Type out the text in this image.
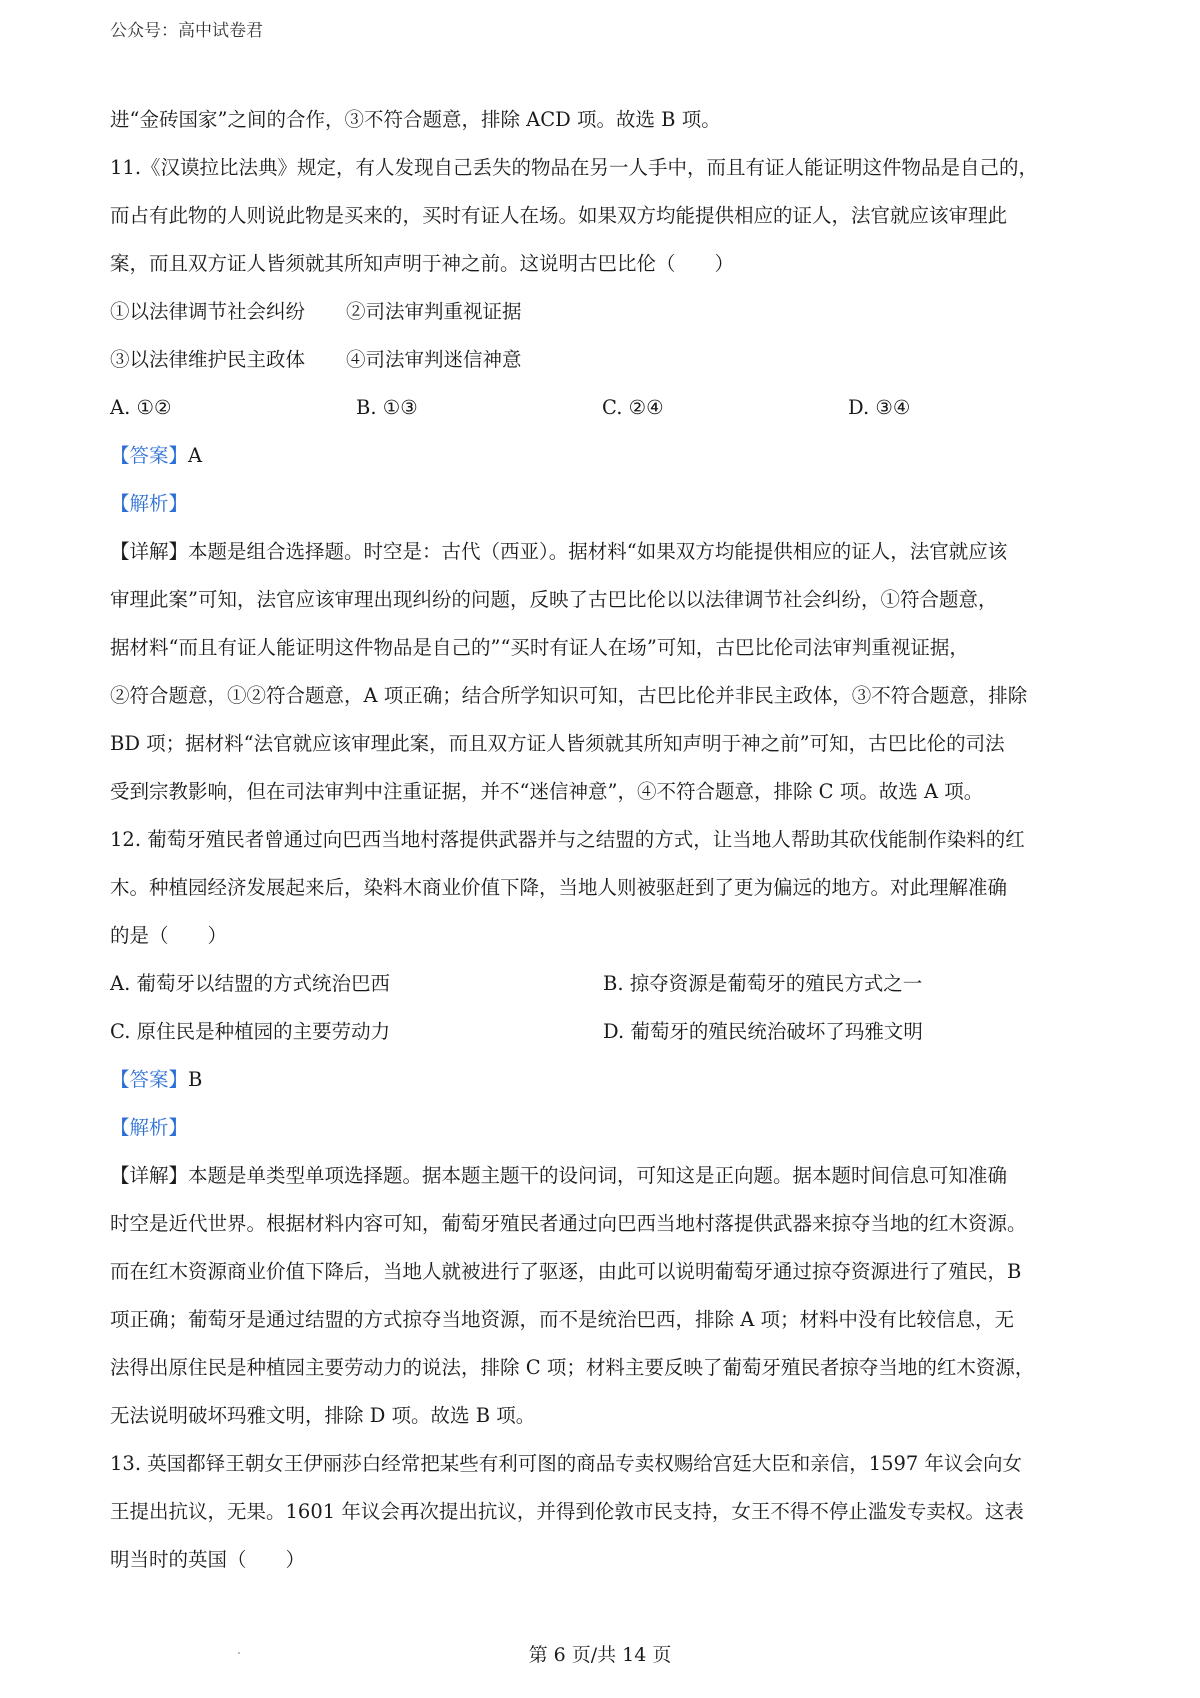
公众号：高中试卷君
进“金砖国家”之间的合作，③不符合题意，排除 ACD 项。故选 B 项。
11.《汉谟拉比法典》规定，有人发现自己丢失的物品在另一人手中，而且有证人能证明这件物品是自己的，
而占有此物的人则说此物是买来的，买时有证人在场。如果双方均能提供相应的证人，法官就应该审理此
案，而且双方证人皆须就其所知声明于神之前。这说明古巴比伦（　　）
①以法律调节社会纠纷	②司法审判重视证据
③以法律维护民主政体	④司法审判迷信神意
A. ①②	B. ①③	C. ②④	D. ③④
【答案】A
【解析】
【详解】本题是组合选择题。时空是：古代（西亚）。据材料“如果双方均能提供相应的证人，法官就应该
审理此案”可知，法官应该审理出现纠纷的问题，反映了古巴比伦以以法律调节社会纠纷，①符合题意，
据材料“而且有证人能证明这件物品是自己的”“买时有证人在场”可知，古巴比伦司法审判重视证据，
②符合题意，①②符合题意，A 项正确；结合所学知识可知，古巴比伦并非民主政体，③不符合题意，排除
BD 项；据材料“法官就应该审理此案，而且双方证人皆须就其所知声明于神之前”可知，古巴比伦的司法
受到宗教影响，但在司法审判中注重证据，并不“迷信神意”，④不符合题意，排除 C 项。故选 A 项。
12. 葡萄牙殖民者曾通过向巴西当地村落提供武器并与之结盟的方式，让当地人帮助其砍伐能制作染料的红
木。种植园经济发展起来后，染料木商业价值下降，当地人则被驱赶到了更为偏远的地方。对此理解准确
的是（　　）
A. 葡萄牙以结盟的方式统治巴西	B. 掠夺资源是葡萄牙的殖民方式之一
C. 原住民是种植园的主要劳动力	D. 葡萄牙的殖民统治破坏了玛雅文明
【答案】B
【解析】
【详解】本题是单类型单项选择题。据本题主题干的设问词，可知这是正向题。据本题时间信息可知准确
时空是近代世界。根据材料内容可知，葡萄牙殖民者通过向巴西当地村落提供武器来掠夺当地的红木资源。
而在红木资源商业价值下降后，当地人就被进行了驱逐，由此可以说明葡萄牙通过掠夺资源进行了殖民，B
项正确；葡萄牙是通过结盟的方式掠夺当地资源，而不是统治巴西，排除 A 项；材料中没有比较信息，无
法得出原住民是种植园主要劳动力的说法，排除 C 项；材料主要反映了葡萄牙殖民者掠夺当地的红木资源，
无法说明破坏玛雅文明，排除 D 项。故选 B 项。
13. 英国都铎王朝女王伊丽莎白经常把某些有利可图的商品专卖权赐给宫廷大臣和亲信，1597 年议会向女
王提出抗议，无果。1601 年议会再次提出抗议，并得到伦敦市民支持，女王不得不停止滥发专卖权。这表
明当时的英国（　　）
第 6 页/共 14 页
